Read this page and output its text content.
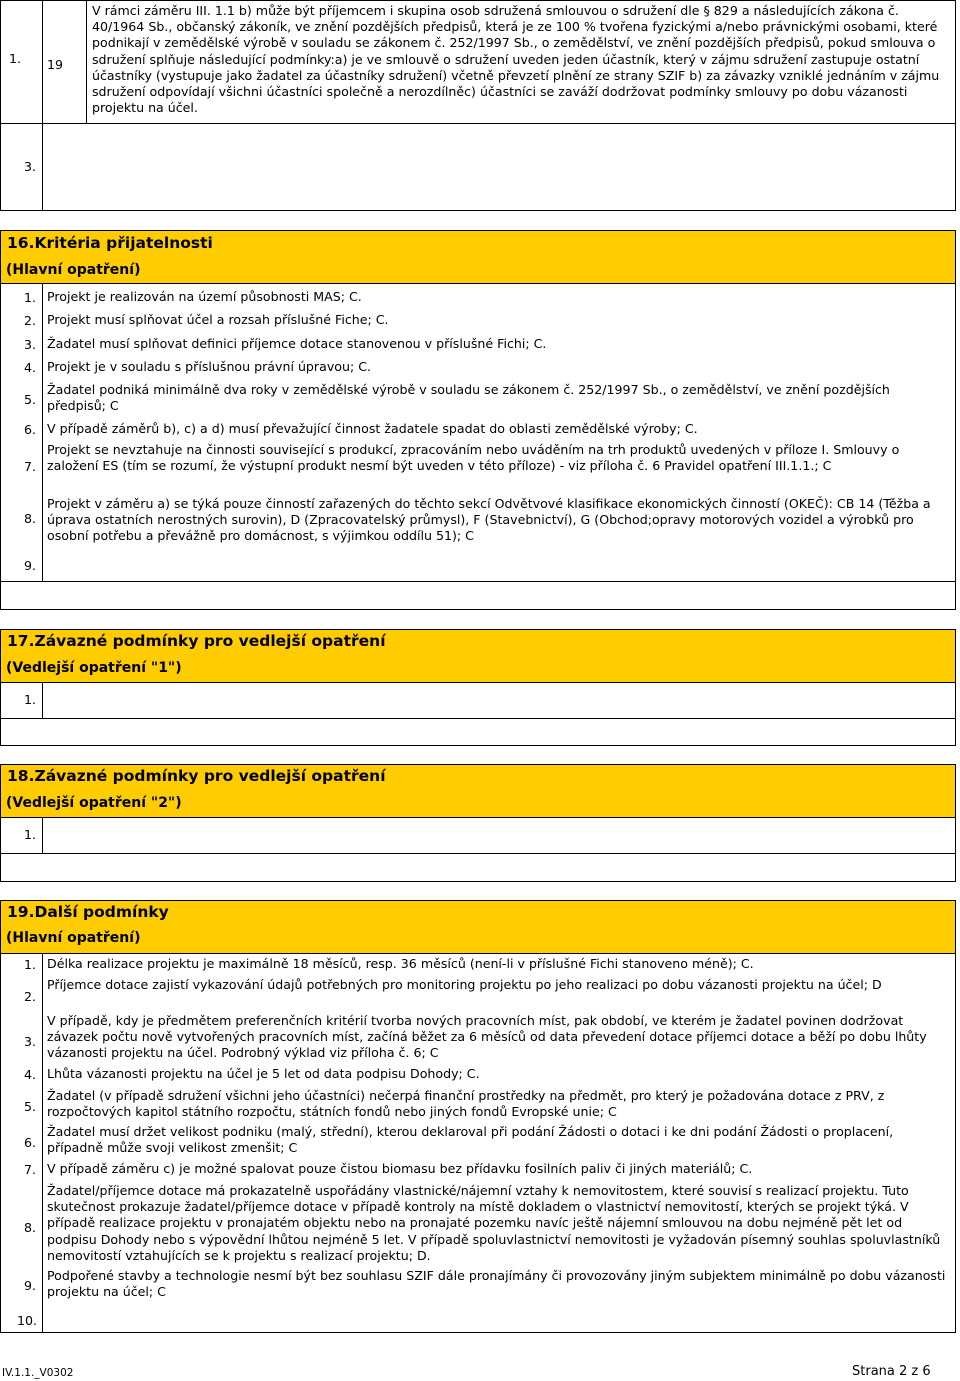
1. 19
V rámci záměru III. 1.1 b) může být příjemcem i skupina osob sdružená smlouvou o sdružení dle § 829 a následujících zákona č. 40/1964 Sb., občanský zákoník, ve znění pozdějších předpisů, která je ze 100 % tvořena fyzickými a/nebo právnickými osobami, které podnikají v zemědělské výrobě v souladu se zákonem č. 252/1997 Sb., o zemědělství, ve znění pozdějších předpisů, pokud smlouva o sdružení splňuje následující podmínky:a) je ve smlouvě o sdružení uveden jeden účastník, který v zájmu sdružení zastupuje ostatní účastníky (vystupuje jako žadatel za účastníky sdružení) včetně převzetí plnění ze strany SZIF b) za závazky vzniklé jednáním v zájmu sdružení odpovídají všichni účastníci společně a nerozdílněc) účastníci se zaváží dodržovat podmínky smlouvy po dobu vázanosti projektu na účel.
3.
16.Kritéria přijatelnosti
(Hlavní opatření)
1. Projekt je realizován na území působnosti MAS; C.
2. Projekt musí splňovat účel a rozsah příslušné Fiche; C.
3. Žadatel musí splňovat definici příjemce dotace stanovenou v příslušné Fichi; C.
4. Projekt je v souladu s příslušnou právní úpravou; C.
5.
Žadatel podniká minimálně dva roky v zemědělské výrobě v souladu se zákonem č. 252/1997 Sb., o zemědělství, ve znění pozdějších předpisů; C
6. V případě záměrů b), c) a d) musí převažující činnost žadatele spadat do oblasti zemědělské výroby; C.
7.
Projekt se nevztahuje na činnosti související s produkcí, zpracováním nebo uváděním na trh produktů uvedených v příloze I. Smlouvy o založení ES (tím se rozumí, že výstupní produkt nesmí být uveden v této příloze) - viz příloha č. 6 Pravidel opatření III.1.1.; C
8.
Projekt v záměru a) se týká pouze činností zařazených do těchto sekcí Odvětvové klasifikace ekonomických činností (OKEČ): CB 14 (Těžba a úprava ostatních nerostných surovin), D (Zpracovatelský průmysl), F (Stavebnictví), G (Obchod;opravy motorových vozidel a výrobků pro osobní potřebu a převážně pro domácnost, s výjimkou oddílu 51); C
9.
17.Závazné podmínky pro vedlejší opatření
(Vedlejší opatření "1")
1.
18.Závazné podmínky pro vedlejší opatření
(Vedlejší opatření "2")
1.
19.Další podmínky
(Hlavní opatření)
1. Délka realizace projektu je maximálně 18 měsíců, resp. 36 měsíců (není-li v příslušné Fichi stanoveno méně); C.
2.
Příjemce dotace zajistí vykazování údajů potřebných pro monitoring projektu po jeho realizaci po dobu vázanosti projektu na účel; D
3.
V případě, kdy je předmětem preferenčních kritérií tvorba nových pracovních míst, pak období, ve kterém je žadatel povinen dodržovat závazek počtu nově vytvořených pracovních míst, začíná běžet za 6 měsíců od data převedení dotace příjemci dotace a běží po dobu lhůty vázanosti projektu na účel. Podrobný výklad viz příloha č. 6; C
4. Lhůta vázanosti projektu na účel je 5 let od data podpisu Dohody; C.
5.
Žadatel (v případě sdružení všichni jeho účastníci) nečerpá finanční prostředky na předmět, pro který je požadována dotace z PRV, z rozpočtových kapitol státního rozpočtu, státních fondů nebo jiných fondů Evropské unie; C
6.
Žadatel musí držet velikost podniku (malý, střední), kterou deklaroval při podání Žádosti o dotaci i ke dni podání Žádosti o proplacení, případně může svoji velikost zmenšit; C
7. V případě záměru c) je možné spalovat pouze čistou biomasu bez přídavku fosilních paliv či jiných materiálů; C.
8.
Žadatel/příjemce dotace má prokazatelně uspořádány vlastnické/nájemní vztahy k nemovitostem, které souvisí s realizací projektu. Tuto skutečnost prokazuje žadatel/příjemce dotace v případě kontroly na místě dokladem o vlastnictví nemovitostí, kterých se projekt týká. V případě realizace projektu v pronajatém objektu nebo na pronajaté pozemku navíc ještě nájemní smlouvou na dobu nejméně pět let od podpisu Dohody nebo s výpovědní lhůtou nejméně 5 let. V případě spoluvlastnictví nemovitosti je vyžadován písemný souhlas spoluvlastníků nemovitostí vztahujících se k projektu s realizací projektu; D.
9.
Podpořené stavby a technologie nesmí být bez souhlasu SZIF dále pronajímány či provozovány jiným subjektem minimálně po dobu vázanosti projektu na účel; C
10.
IV.1.1._V0302	Strana 2 z 6
